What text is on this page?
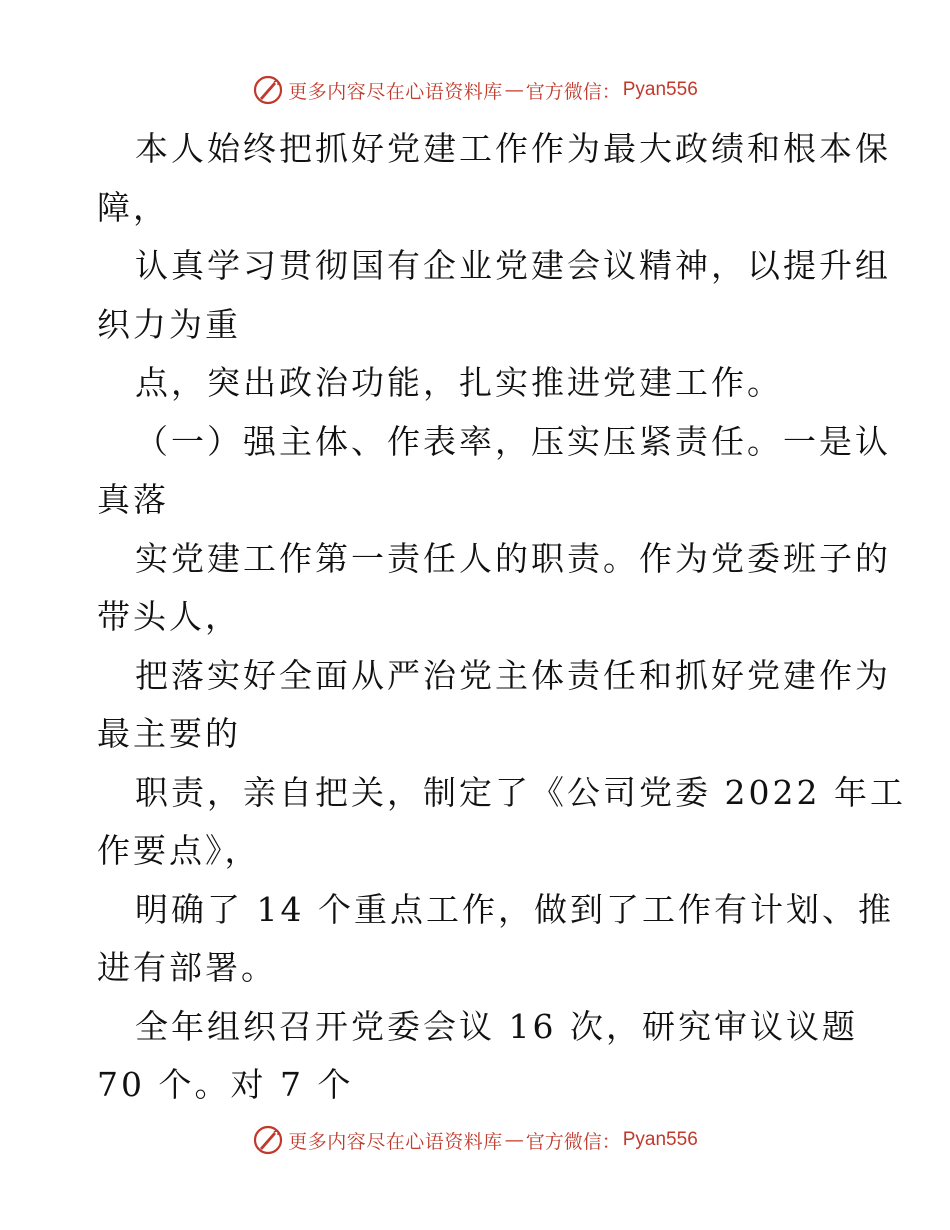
更多内容尽在心语资料库 — 官方微信： Pyan556
本人始终把抓好党建工作作为最大政绩和根本保
障，
认真学习贯彻国有企业党建会议精神，以提升组
织力为重
点，突出政治功能，扎实推进党建工作。
（一）强主体、作表率，压实压紧责任。一是认
真落
实党建工作第一责任人的职责。作为党委班子的
带头人，
把落实好全面从严治党主体责任和抓好党建作为
最主要的
职责，亲自把关，制定了《公司党委 2022 年工
作要点》，
明确了 14 个重点工作，做到了工作有计划、推
进有部署。
全年组织召开党委会议 16 次，研究审议议题
70 个。对 7 个
更多内容尽在心语资料库 — 官方微信： Pyan556
